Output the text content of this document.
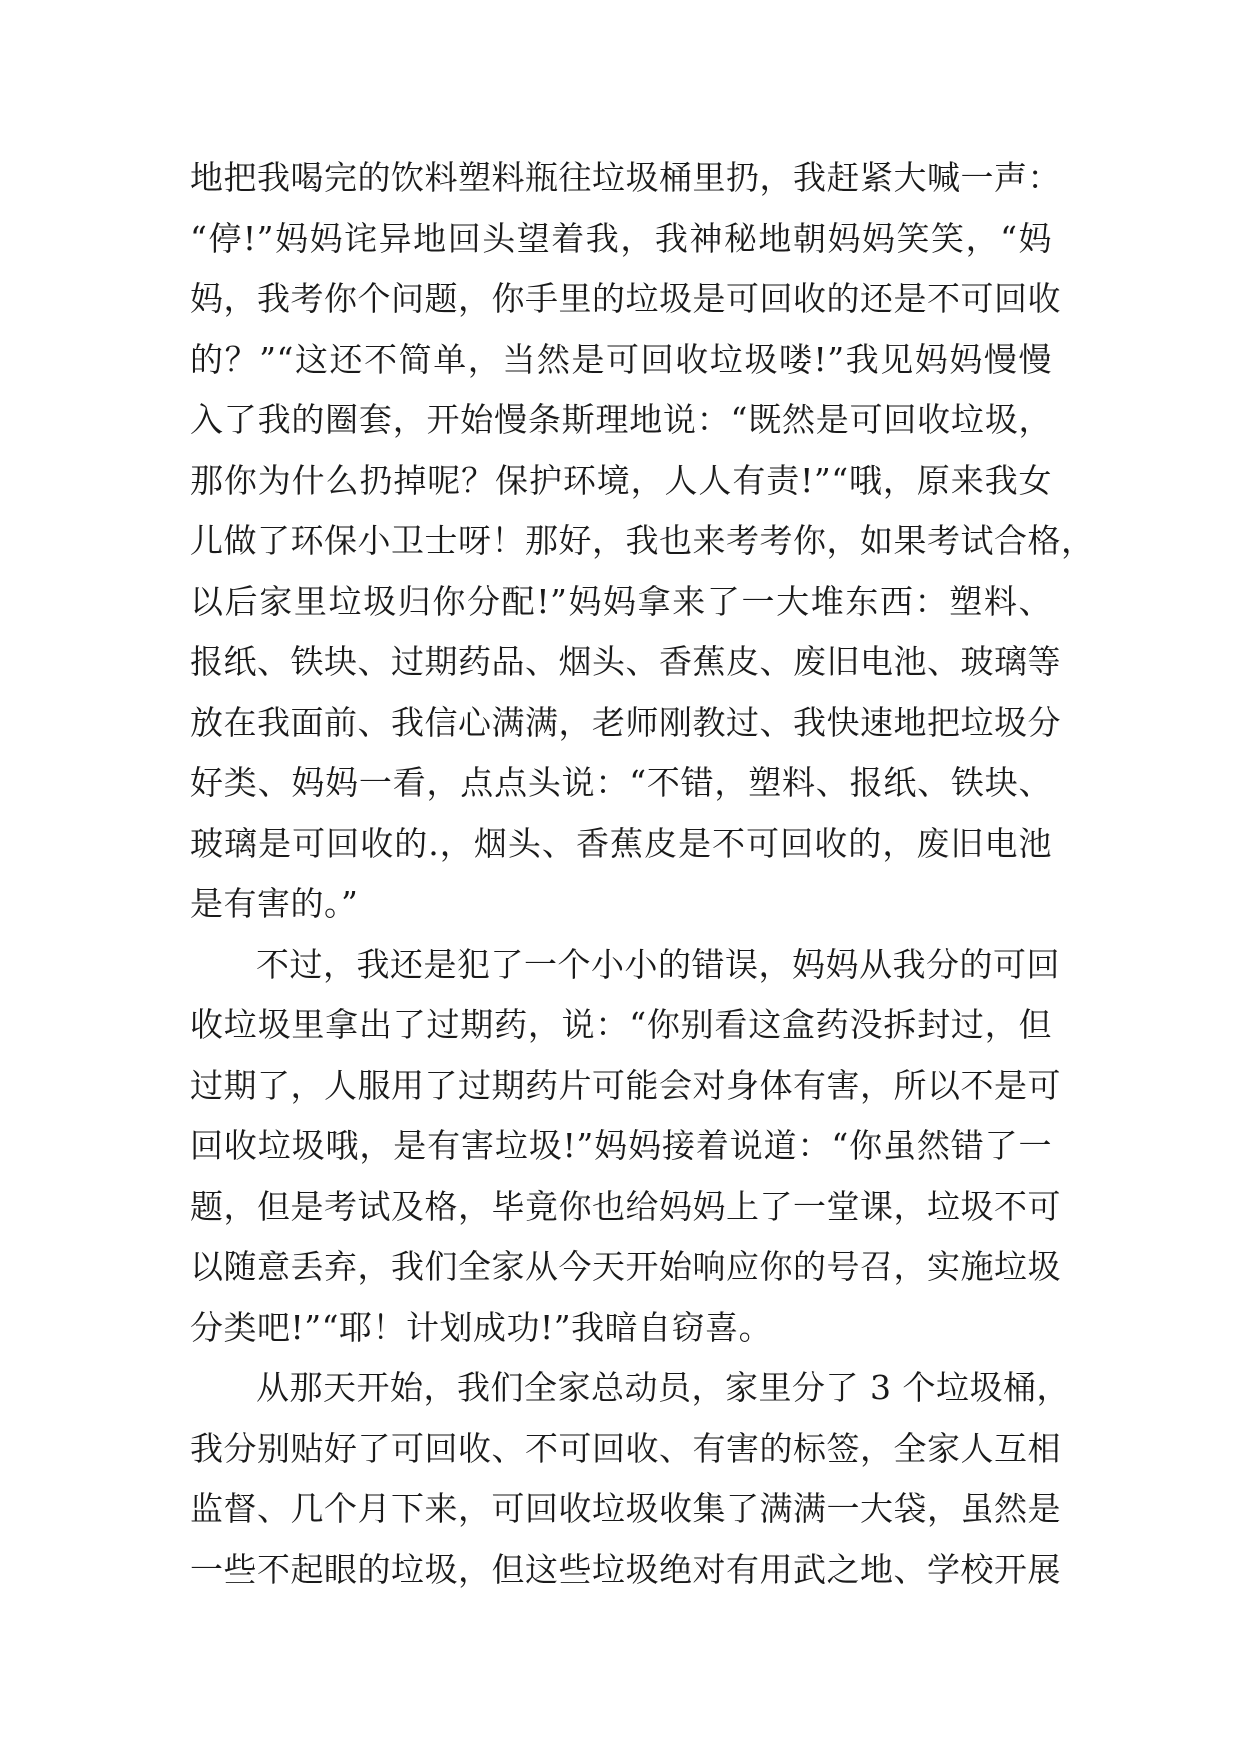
地把我喝完的饮料塑料瓶往垃圾桶里扔，我赶紧大喊一声：
“停!”妈妈诧异地回头望着我，我神秘地朝妈妈笑笑，“妈
妈，我考你个问题，你手里的垃圾是可回收的还是不可回收
的？”“这还不简单，当然是可回收垃圾喽!”我见妈妈慢慢
入了我的圈套，开始慢条斯理地说：“既然是可回收垃圾，
那你为什么扔掉呢？保护环境，人人有责!”“哦，原来我女
儿做了环保小卫士呀！那好，我也来考考你，如果考试合格，
以后家里垃圾归你分配!”妈妈拿来了一大堆东西：塑料、
报纸、铁块、过期药品、烟头、香蕉皮、废旧电池、玻璃等
放在我面前、我信心满满，老师刚教过、我快速地把垃圾分
好类、妈妈一看，点点头说：“不错，塑料、报纸、铁块、
玻璃是可回收的.，烟头、香蕉皮是不可回收的，废旧电池
是有害的。”
不过，我还是犯了一个小小的错误，妈妈从我分的可回
收垃圾里拿出了过期药，说：“你别看这盒药没拆封过，但
过期了，人服用了过期药片可能会对身体有害，所以不是可
回收垃圾哦，是有害垃圾!”妈妈接着说道：“你虽然错了一
题，但是考试及格，毕竟你也给妈妈上了一堂课，垃圾不可
以随意丢弃，我们全家从今天开始响应你的号召，实施垃圾
分类吧!”“耶！计划成功!”我暗自窃喜。
从那天开始，我们全家总动员，家里分了 3 个垃圾桶，
我分别贴好了可回收、不可回收、有害的标签，全家人互相
监督、几个月下来，可回收垃圾收集了满满一大袋，虽然是
一些不起眼的垃圾，但这些垃圾绝对有用武之地、学校开展
